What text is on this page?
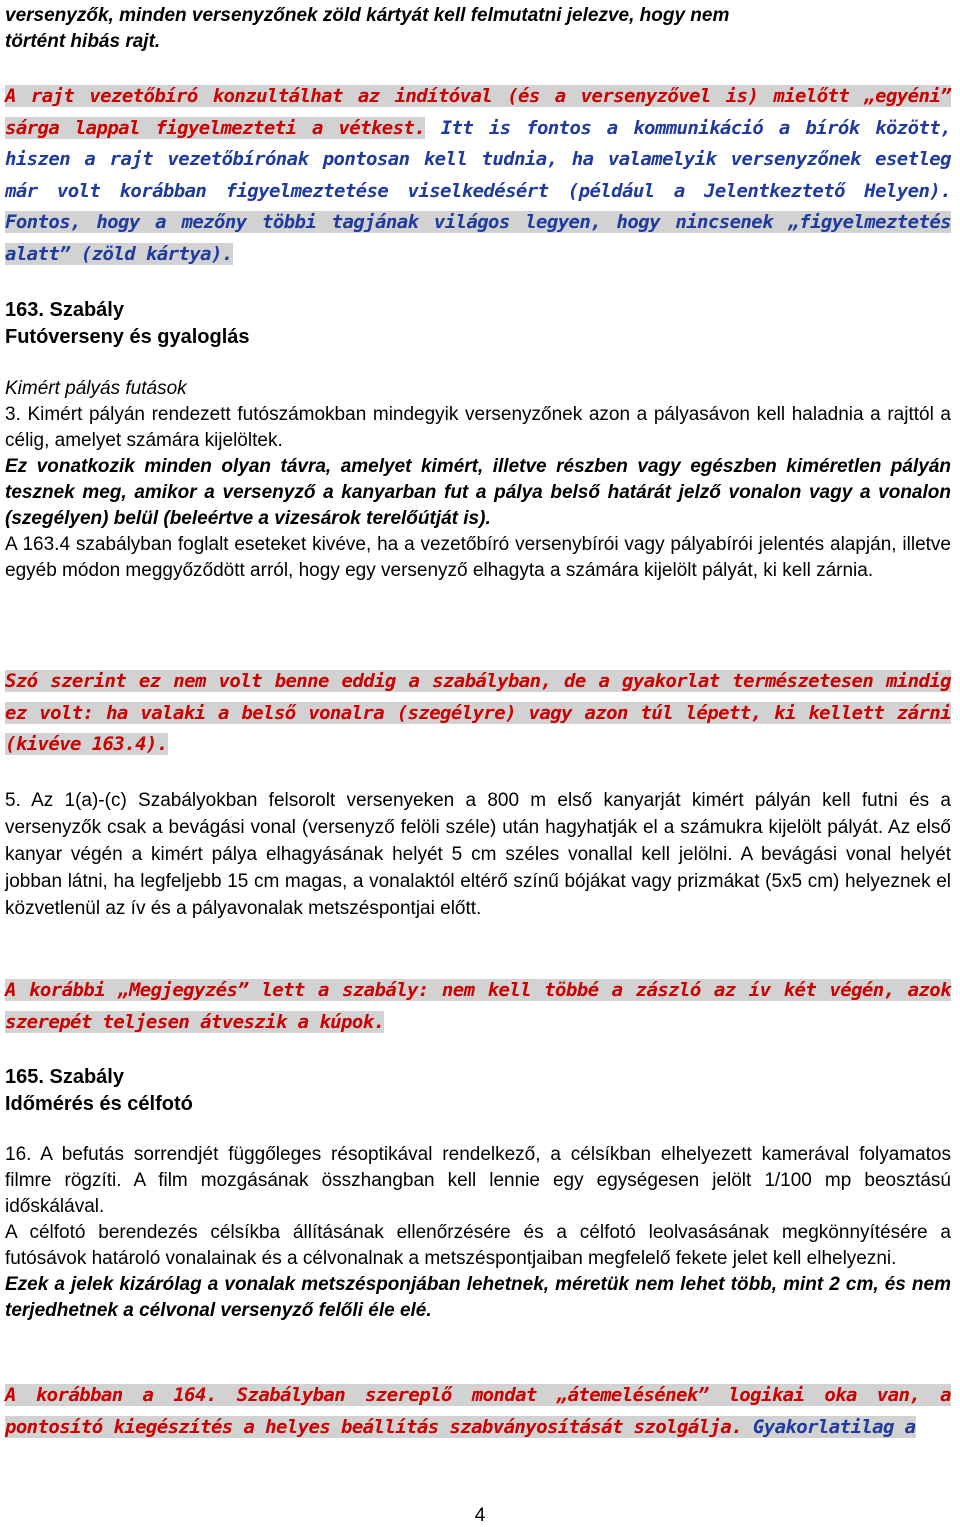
versenyzők, minden versenyzőnek zöld kártyát kell felmutatni jelezve, hogy nem

történt hibás rajt.

A rajt vezetőbíró konzultálhat az indítóval (és a versenyzővel is) mielőtt „egyéni” sárga lappal figyelmezteti a vétkest. Itt is fontos a kommunikáció a bírók között, hiszen a rajt vezetőbírónak pontosan kell tudnia, ha valamelyik versenyzőnek esetleg már volt korábban figyelmeztetése viselkedésért (például a Jelentkeztető Helyen). Fontos, hogy a mezőny többi tagjának világos legyen, hogy nincsenek „figyelmeztetés alatt” (zöld kártya).

163. Szabály

Futóverseny és gyaloglás

Kimért pályás futások

3. Kimért pályán rendezett futószámokban mindegyik versenyzőnek azon a pályasávon kell haladnia a rajttól a célig, amelyet számára kijelöltek.

Ez vonatkozik minden olyan távra, amelyet kimért, illetve részben vagy egészben kiméretlen pályán tesznek meg, amikor a versenyző a kanyarban fut a pálya belső határát jelző vonalon vagy a vonalon (szegélyen) belül (beleértve a vizesárok terelőútját is).

A 163.4 szabályban foglalt eseteket kivéve, ha a vezetőbíró versenybírói vagy pályabírói jelentés alapján, illetve egyéb módon meggyőződött arról, hogy egy versenyző elhagyta a számára kijelölt pályát, ki kell zárnia.

Szó szerint ez nem volt benne eddig a szabályban, de a gyakorlat természetesen mindig ez volt: ha valaki a belső vonalra (szegélyre) vagy azon túl lépett, ki kellett zárni (kivéve 163.4).

5. Az 1(a)-(c) Szabályokban felsorolt versenyeken a 800 m első kanyarját kimért pályán kell futni és a versenyzők csak a bevágási vonal (versenyző felöli széle) után hagyhatják el a számukra kijelölt pályát. Az első kanyar végén a kimért pálya elhagyásának helyét 5 cm széles vonallal kell jelölni. A bevágási vonal helyét jobban látni, ha legfeljebb 15 cm magas, a vonalaktól eltérő színű bójákat vagy prizmákat (5x5 cm) helyeznek el közvetlenül az ív és a pályavonalak metszéspontjai előtt.

A korábbi „Megjegyzés” lett a szabály: nem kell többé a zászló az ív két végén, azok szerepét teljesen átveszik a kúpok.

165. Szabály

Időmérés és célfotó

16. A befutás sorrendjét függőleges résoptikával rendelkező, a célsíkban elhelyezett kamerával folyamatos filmre rögzíti. A film mozgásának összhangban kell lennie egy egységesen jelölt 1/100 mp beosztású időskálával.

A célfotó berendezés célsíkba állításának ellenőrzésére és a célfotó leolvasásának megkönnyítésére a futósávok határoló vonalainak és a célvonalnak a metszéspontjaiban megfelelő fekete jelet kell elhelyezni.

Ezek a jelek kizárólag a vonalak metszésponjában lehetnek, méretük nem lehet több, mint 2 cm, és nem terjedhetnek a célvonal versenyző felőli éle elé.

A korábban a 164. Szabályban szereplő mondat „átemelésének” logikai oka van, a pontosító kiegészítés a helyes beállítás szabványosítását szolgálja. Gyakorlatilag a

4
